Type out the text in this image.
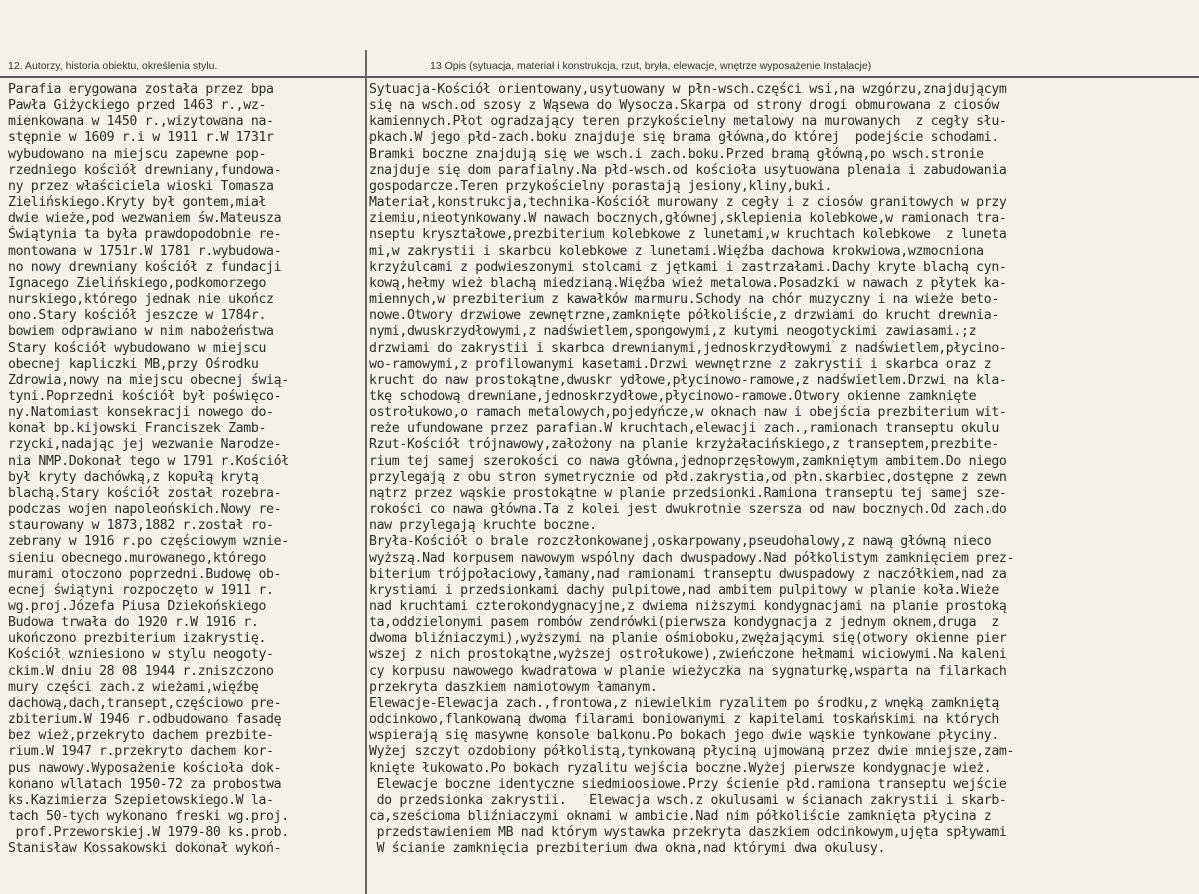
12. Autorzy, historia obiektu, określenia stylu.	13 Opis (sytuacja, materiał i konstrukcja, rzut, bryła, elewacje, wnętrze wyposażenie Instalacje)
Parafia erygowana została przez bpa
Pawła Giżyckiego przed 1463 r.,wz-
mienkowana w 1450 r.,wizytowana na-
stępnie w 1609 r.i w 1911 r.W 1731r
wybudowano na miejscu zapewne pop-
rzedniego kościół drewniany,fundowa-
ny przez właściciela wioski Tomasza
Zielińskiego.Kryty był gontem,miał
dwie wieże,pod wezwaniem św.Mateusza
Świątynia ta była prawdopodobnie re-
montowana w 1751r.W 1781 r.wybudowa-
no nowy drewniany kościół z fundacji
Ignacego Zielińskiego,podkomorzego
nurskiego,którego jednak nie ukończ
ono.Stary kościół jeszcze w 1784r.
bowiem odprawiano w nim nabożeństwa
Stary kościół wybudowano w miejscu
obecnej kapliczki MB,przy Ośrodku
Zdrowia,nowy na miejscu obecnej świą-
tyni.Poprzedni kościół był poświęco-
ny.Natomiast konsekracji nowego do-
konał bp.kijowski Franciszek Zamb-
rzycki,nadając jej wezwanie Narodze-
nia NMP.Dokonał tego w 1791 r.Kościół
był kryty dachówką,z kopułą krytą
blachą.Stary kościół został rozebra-
podczas wojen napoleońskich.Nowy re-
staurowany w 1873,1882 r.został ro-
zebrany w 1916 r.po częściowym wznie-
sieniu obecnego.murowanego,którego
murami otoczono poprzedni.Budowę ob-
ecnej świątyni rozpoczęto w 1911 r.
wg.proj.Józefa Piusa Dziekońskiego
Budowa trwała do 1920 r.W 1916 r.
ukończono prezbiterium izakrystię.
Kościół wzniesiono w stylu neogoty-
ckim.W dniu 28 08 1944 r.zniszczono
mury części zach.z wieżami,więźbę
dachową,dach,transept,częściowo pre-
zbiterium.W 1946 r.odbudowano fasadę
bez wież,przekryto dachem prezbite-
rium.W 1947 r.przekryto dachem kor-
pus nawowy.Wyposażenie kościoła dok-
konano wllatach 1950-72 za probostwa
ks.Kazimierza Szepietowskiego.W la-
tach 50-tych wykonano freski wg.proj.
prof.Przeworskiej.W 1979-80 ks.prob.
Stanisław Kossakowski dokonał wykoń-
Sytuacja-Kościół orientowany,usytuowany w płn-wsch.części wsi,na wzgórzu,znajdującym
się na wsch.od szosy z Wąsewa do Wysocza.Skarpa od strony drogi obmurowana z ciosów
kamiennych.Płot ogradzający teren przykościelny metalowy na murowanych  z cegły słu-
pkach.W jego płd-zach.boku znajduje się brama główna,do której  podejście schodami.
Bramki boczne znajdują się we wsch.i zach.boku.Przed bramą główną,po wsch.stronie
znajduje się dom parafialny.Na płd-wsch.od kościoła usytuowana plenaia i zabudowania
gospodarcze.Teren przykościelny porastają jesiony,kliny,buki.
Materiał,konstrukcja,technika-Kościół murowany z cegły i z ciosów granitowych w przy
ziemiu,nieotynkowany.W nawach bocznych,głównej,sklepienia kolebkowe,w ramionach tra-
nseptu kryształowe,prezbiterium kolebkowe z lunetami,w kruchtach kolebkowe  z luneta
mi,w zakrystii i skarbcu kolebkowe z lunetami.Więźba dachowa krokwiowa,wzmocniona
krzyżulcami z podwieszonymi stolcami z jętkami i zastrzałami.Dachy kryte blachą cyn-
kową,hełmy wież blachą miedzianą.Więźba wież metalowa.Posadzki w nawach z płytek ka-
miennych,w prezbiterium z kawałków marmuru.Schody na chór muzyczny i na wieże beto-
nowe.Otwory drzwiowe zewnętrzne,zamknięte półkoliście,z drzwiami do krucht drewnia-
nymi,dwuskrzydłowymi,z nadświetlem,spongowymi,z kutymi neogotyckimi zawiasami.;z
drzwiami do zakrystii i skarbca drewnianymi,jednoskrzydłowymi z nadświetlem,płycino-
wo-ramowymi,z profilowanymi kasetami.Drzwi wewnętrzne z zakrystii i skarbca oraz z
krucht do naw prostokątne,dwuskr ydłowe,płycinowo-ramowe,z nadświetlem.Drzwi na kla-
tkę schodową drewniane,jednoskrzydłowe,płycinowo-ramowe.Otwory okienne zamknięte
ostrołukowo,o ramach metalowych,pojedyńcze,w oknach naw i obejścia prezbiterium wit-
reże ufundowane przez parafian.W kruchtach,elewacji zach.,ramionach transeptu okulu
Rzut-Kościół trójnawowy,założony na planie krzyżałacińskiego,z transeptem,prezbite-
rium tej samej szerokości co nawa główna,jednoprzęsłowym,zamkniętym ambitem.Do niego
przylegają z obu stron symetrycznie od płd.zakrystia,od płn.skarbiec,dostępne z zewn
nątrz przez wąskie prostokątne w planie przedsionki.Ramiona transeptu tej samej sze-
rokości co nawa główna.Ta z kolei jest dwukrotnie szersza od naw bocznych.Od zach.do
naw przylegają kruchte boczne.
Bryła-Kościół o brale rozczłonkowanej,oskarpowany,pseudohalowy,z nawą główną nieco
wyższą.Nad korpusem nawowym wspólny dach dwuspadowy.Nad półkolistym zamknięciem prez-
biterium trójpołaciowy,łamany,nad ramionami transeptu dwuspadowy z naczółkiem,nad za
krystiami i przedsionkami dachy pulpitowe,nad ambitem pulpitowy w planie koła.Wieże
nad kruchtami czterokondygnacyjne,z dwiema niższymi kondygnacjami na planie prostoką
ta,oddzielonymi pasem rombów zendrówki(pierwsza kondygnacja z jednym oknem,druga  z
dwoma bliźniaczymi),wyższymi na planie ośmioboku,zwężającymi się(otwory okienne pier
wszej z nich prostokątne,wyższej ostrołukowe),zwieńczone hełmami wiciowymi.Na kaleni
cy korpusu nawowego kwadratowa w planie wieżyczka na sygnaturkę,wsparta na filarkach
przekryta daszkiem namiotowym łamanym.
Elewacje-Elewacja zach.,frontowa,z niewielkim ryzalitem po środku,z wnęką zamkniętą
odcinkowo,flankowaną dwoma filarami boniowanymi z kapitelami toskańskimi na których
wspierają się masywne konsole balkonu.Po bokach jego dwie wąskie tynkowane płyciny.
Wyżej szczyt ozdobiony półkolistą,tynkowaną płyciną ujmowaną przez dwie mniejsze,zam-
knięte łukowato.Po bokach ryzalitu wejścia boczne.Wyżej pierwsze kondygnacje wież.
Elewacje boczne identyczne siedmioosiowe.Przy ścienie płd.ramiona transeptu wejście
do przedsionka zakrystii.   Elewacja wsch.z okulusami w ścianach zakrystii i skarb-
ca,sześcioma bliźniaczymi oknami w ambicie.Nad nim półkoliście zamknięta płycina z
przedstawieniem MB nad którym wystawka przekryta daszkiem odcinkowym,ujęta spływami
W ścianie zamknięcia prezbiterium dwa okna,nad którymi dwa okulusy.
